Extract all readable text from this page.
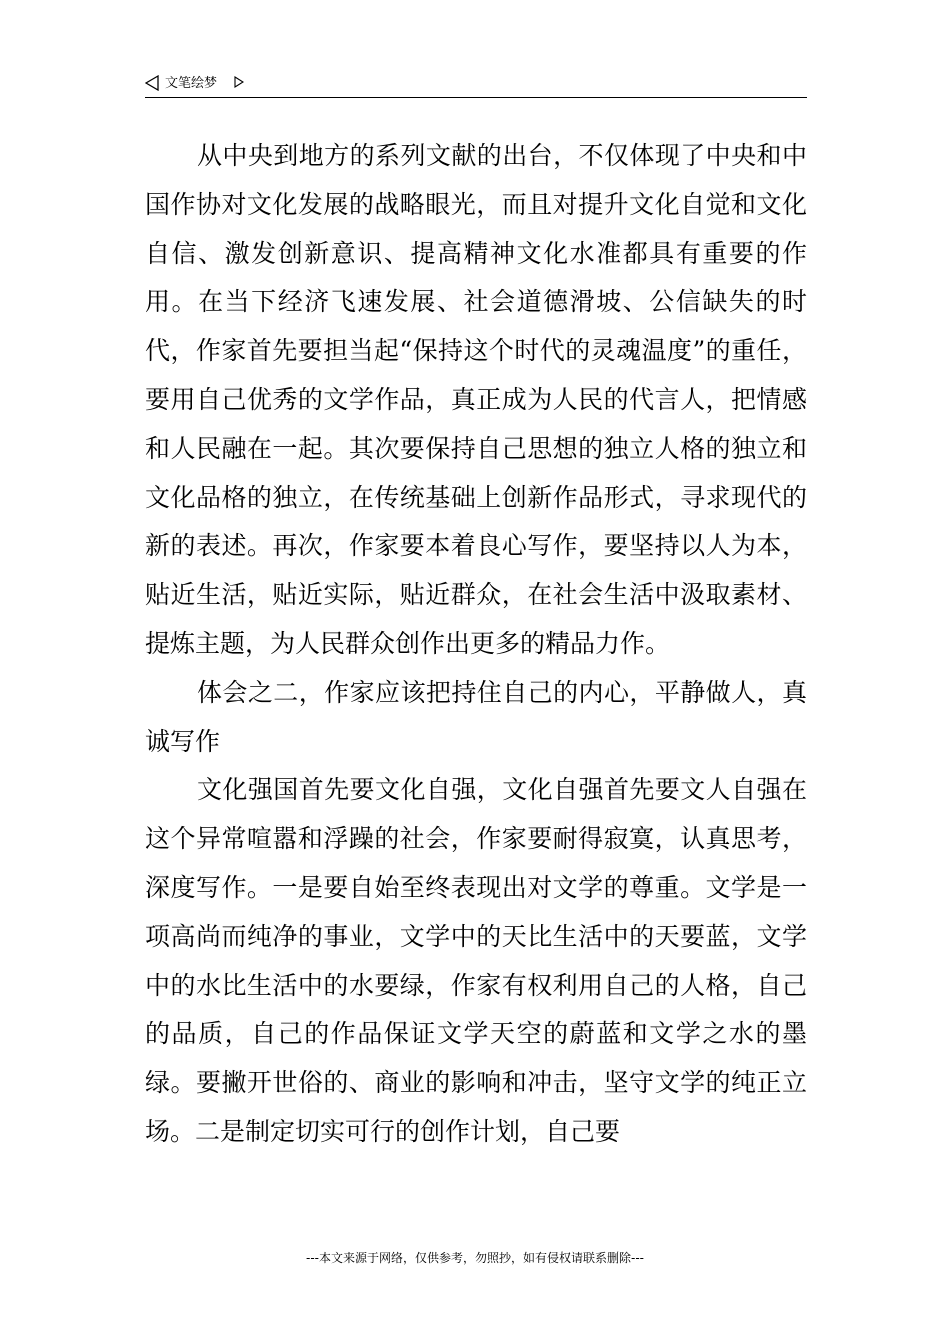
文笔绘梦

从中央到地方的系列文献的出台，不仅体现了中央和中国作协对文化发展的战略眼光，而且对提升文化自觉和文化自信、激发创新意识、提高精神文化水准都具有重要的作用。在当下经济飞速发展、社会道德滑坡、公信缺失的时代，作家首先要担当起“保持这个时代的灵魂温度”的重任，要用自己优秀的文学作品，真正成为人民的代言人，把情感和人民融在一起。其次要保持自己思想的独立人格的独立和文化品格的独立，在传统基础上创新作品形式，寻求现代的新的表述。再次，作家要本着良心写作，要坚持以人为本，贴近生活，贴近实际，贴近群众，在社会生活中汲取素材、提炼主题，为人民群众创作出更多的精品力作。

体会之二，作家应该把持住自己的内心，平静做人，真诚写作

文化强国首先要文化自强，文化自强首先要文人自强在这个异常喧嚣和浮躁的社会，作家要耐得寂寞，认真思考，深度写作。一是要自始至终表现出对文学的尊重。文学是一项高尚而纯净的事业，文学中的天比生活中的天要蓝，文学中的水比生活中的水要绿，作家有权利用自己的人格，自己的品质，自己的作品保证文学天空的蔚蓝和文学之水的墨绿。要撇开世俗的、商业的影响和冲击，坚守文学的纯正立场。二是制定切实可行的创作计划，自己要

---本文来源于网络，仅供参考，勿照抄，如有侵权请联系删除---
